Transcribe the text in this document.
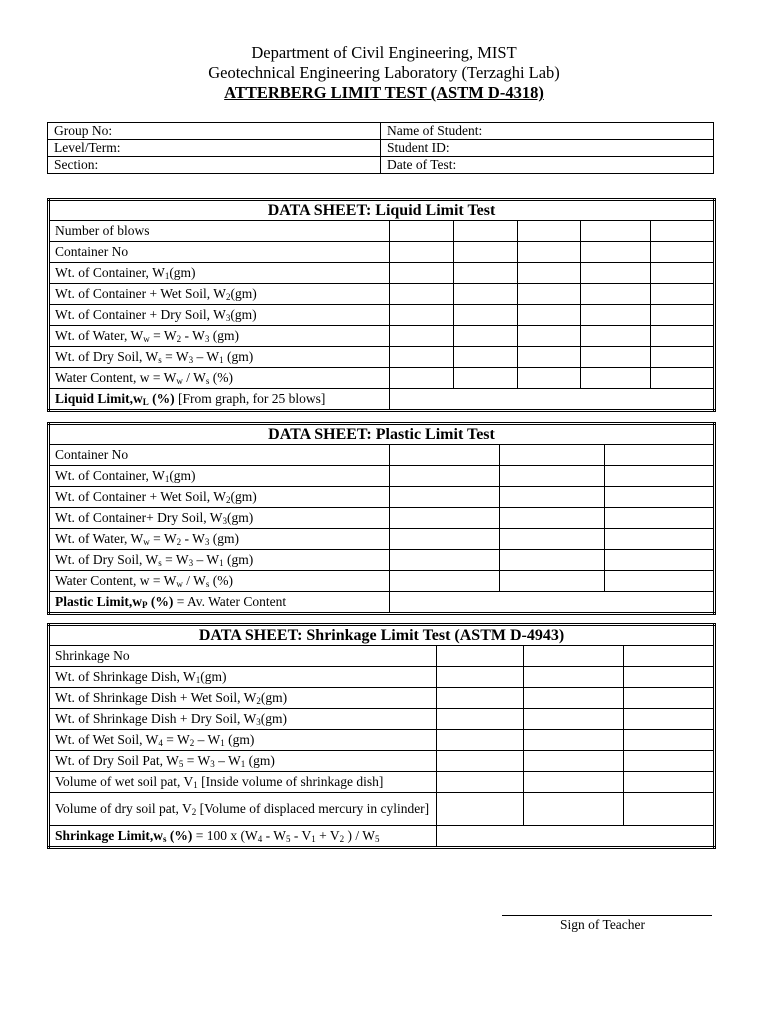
Department of Civil Engineering, MIST
Geotechnical Engineering Laboratory (Terzaghi Lab)
ATTERBERG LIMIT TEST (ASTM D-4318)
Group No:	Name of Student:
Level/Term:	Student ID:
Section:	Date of Test:
DATA SHEET: Liquid Limit Test					
Number of blows					
Container No					
Wt. of Container, $W_1(gm)$					
Wt. of Container + Wet Soil, $W_2(gm)$					
Wt. of Container + Dry Soil, $W_3(gm)$					
Wt. of Water, $W_w = W_2 - W_3$ (gm)					
Wt. of Dry Soil, $W_s = W_3 - W_1$ (gm)					
Water Content, $w = W_w / W_s$ (%)					
Liquid $Limit,w_L$ (%) [From graph, for 25 blows]					
DATA SHEET: Plastic Limit Test			
Container No			
Wt. of Container, $W_1(gm)$			
Wt. of Container + Wet Soil, $W_2(gm)$			
Wt. of Container+ Dry Soil, $W_3(gm)$			
Wt. of Water, $W_w = W_2 - W_3$ (gm)			
Wt. of Dry Soil, $W_s = W_3 - W_1$ (gm)			
Water Content, $w = W_w / W_s$ (%)			
Plastic $Limit,w_P$ (%) = Av. Water Content			
DATA SHEET: Shrinkage Limit Test (ASTM D-4943)			
Shrinkage No			
Wt. of Shrinkage Dish, $W_1(gm)$			
Wt. of Shrinkage Dish + Wet Soil, $W_2(gm)$			
Wt. of Shrinkage Dish + Dry Soil, $W_3(gm)$			
Wt. of Wet Soil, $W_4 = W_2 - W_1$ (gm)			
Wt. of Dry Soil Pat, $W_5 = W_3 - W_1$ (gm)			
Volume of wet soil pat, $V_1$ [Inside volume of shrinkage dish]			
Volume of dry soil pat, $V_2$ [Volume of displaced mercury in cylinder]			
Shrinkage $Limit,w_s$ (%) = 100 x ($W_4 - W_5 - V_1 + V_2$ ) / $W_5$	
Sign of Teacher
